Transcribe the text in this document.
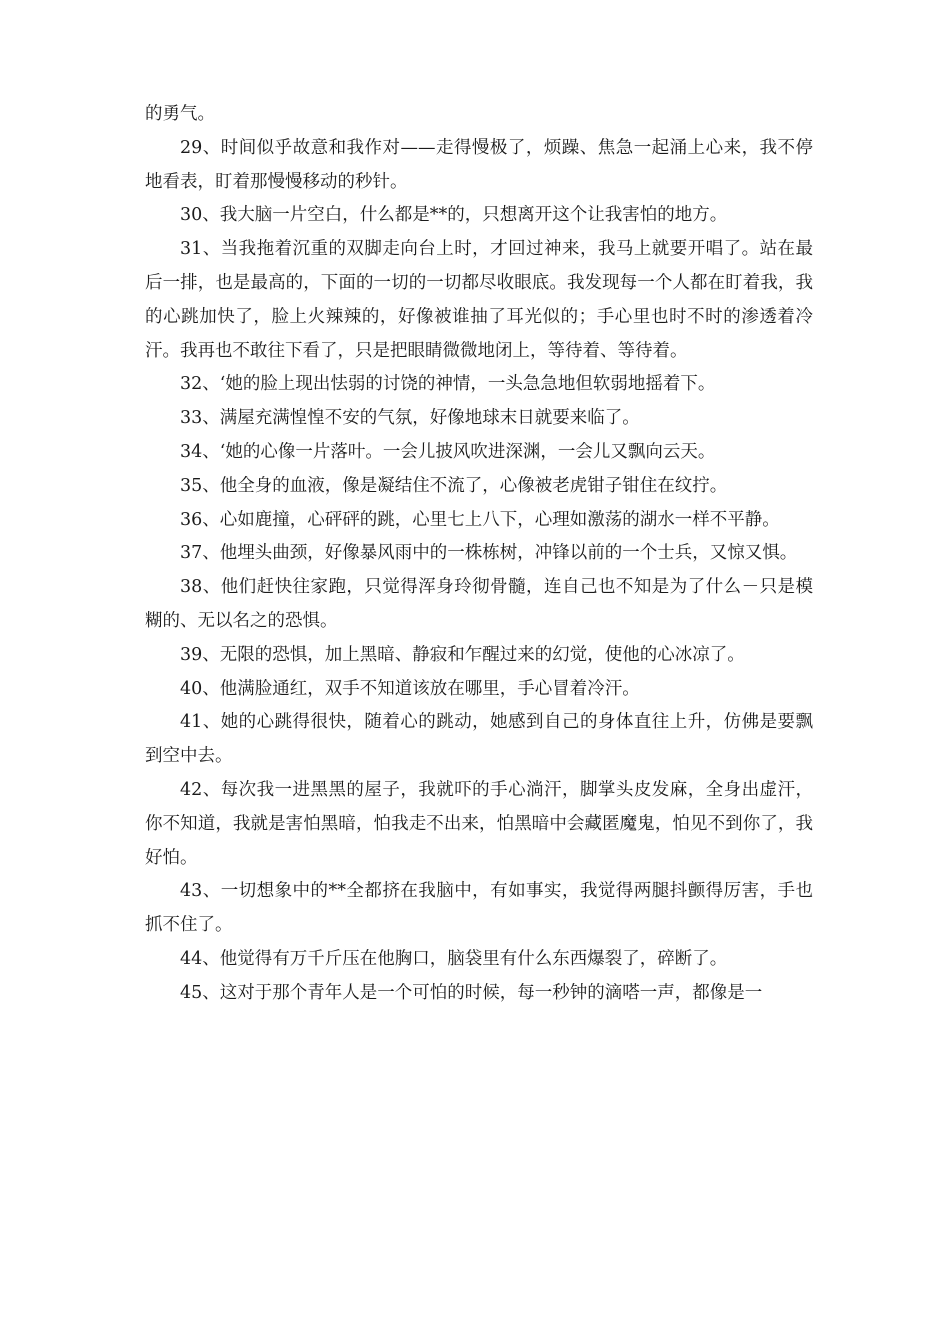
的勇气。

29、时间似乎故意和我作对——走得慢极了，烦躁、焦急一起涌上心来，我不停地看表，盯着那慢慢移动的秒针。

30、我大脑一片空白，什么都是**的，只想离开这个让我害怕的地方。

31、当我拖着沉重的双脚走向台上时，才回过神来，我马上就要开唱了。站在最后一排，也是最高的，下面的一切的一切都尽收眼底。我发现每一个人都在盯着我，我的心跳加快了，脸上火辣辣的，好像被谁抽了耳光似的；手心里也时不时的渗透着冷汗。我再也不敢往下看了，只是把眼睛微微地闭上，等待着、等待着。

32、‘她的脸上现出怯弱的讨饶的神情，一头急急地但软弱地摇着下。

33、满屋充满惶惶不安的气氛，好像地球末日就要来临了。

34、‘她的心像一片落叶。一会儿披风吹进深渊，一会儿又飘向云天。

35、他全身的血液，像是凝结住不流了，心像被老虎钳子钳住在纹拧。

36、心如鹿撞，心砰砰的跳，心里七上八下，心理如激荡的湖水一样不平静。

37、他埋头曲颈，好像暴风雨中的一株栋树，冲锋以前的一个士兵，又惊又惧。

38、他们赶快往家跑，只觉得浑身玲彻骨髓，连自己也不知是为了什么－只是模糊的、无以名之的恐惧。

39、无限的恐惧，加上黑暗、静寂和乍醒过来的幻觉，使他的心冰凉了。

40、他满脸通红，双手不知道该放在哪里，手心冒着冷汗。

41、她的心跳得很快，随着心的跳动，她感到自己的身体直往上升，仿佛是要飘到空中去。

42、每次我一进黑黑的屋子，我就吓的手心淌汗，脚掌头皮发麻，全身出虚汗，你不知道，我就是害怕黑暗，怕我走不出来，怕黑暗中会藏匿魔鬼，怕见不到你了，我好怕。

43、一切想象中的**全都挤在我脑中，有如事实，我觉得两腿抖颤得厉害，手也抓不住了。

44、他觉得有万千斤压在他胸口，脑袋里有什么东西爆裂了，碎断了。

45、这对于那个青年人是一个可怕的时候，每一秒钟的滴嗒一声，都像是一
